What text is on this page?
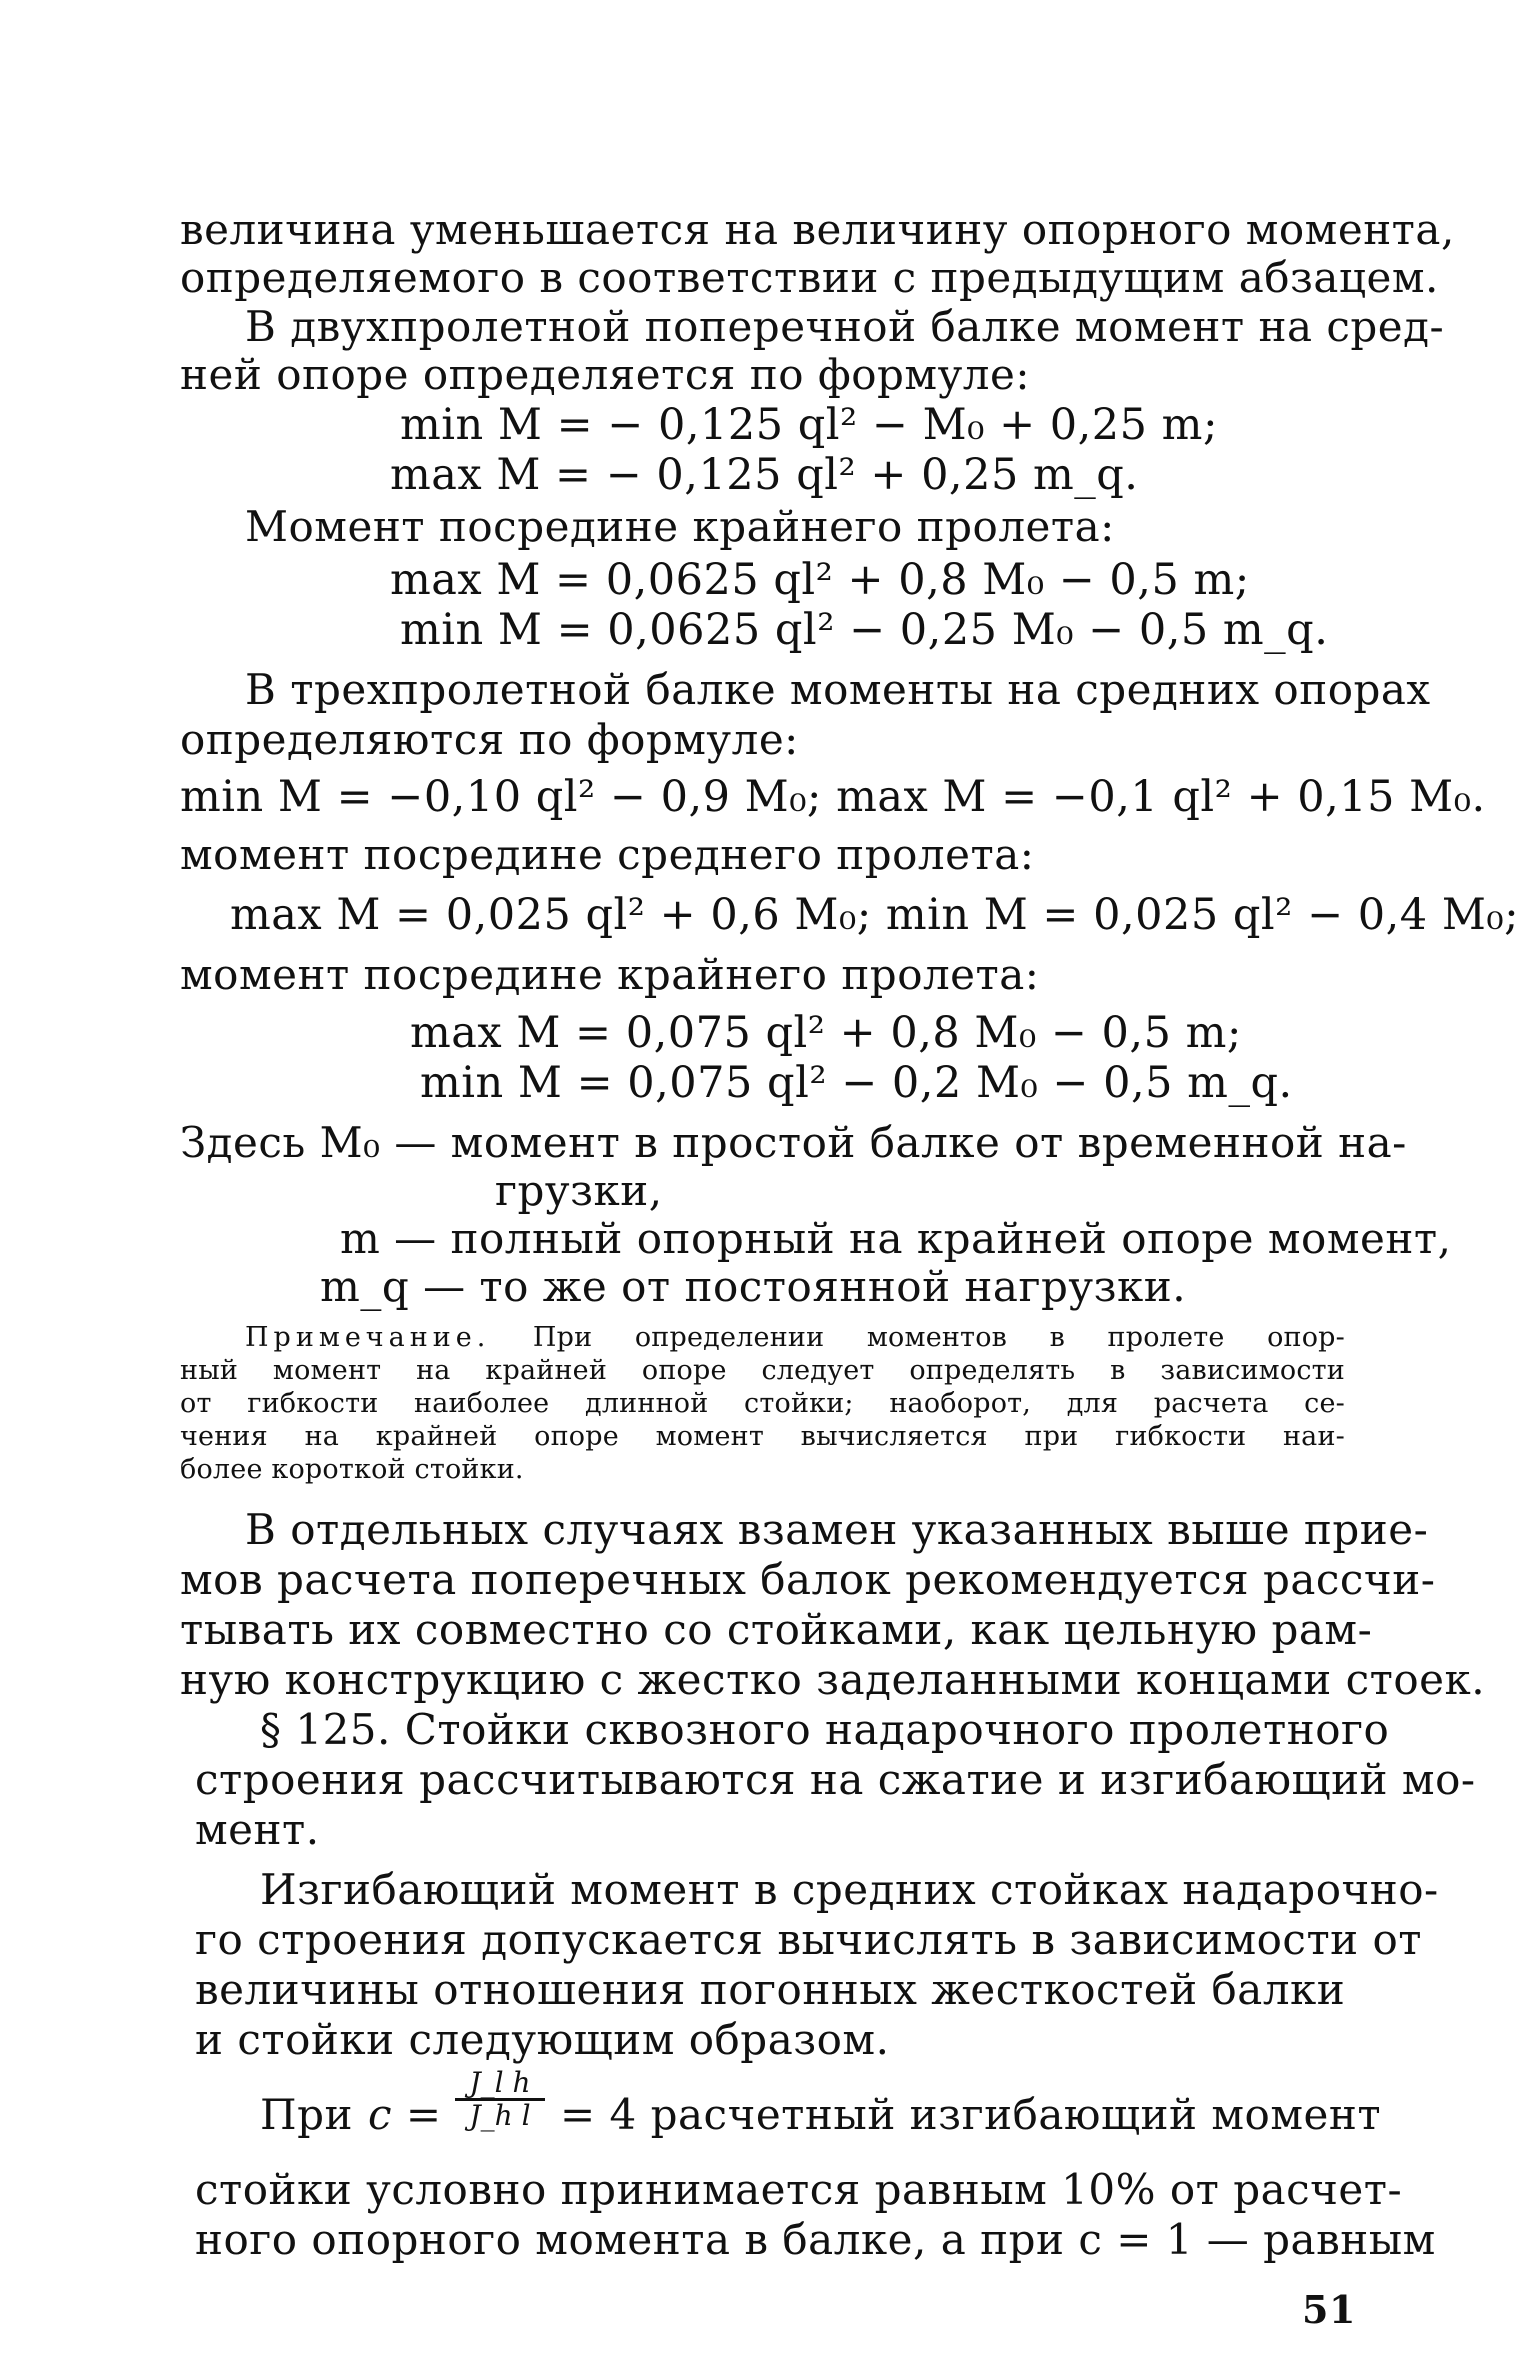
величина уменьшается на величину опорного момента,
определяемого в соответствии с предыдущим абзацем.
В двухпролетной поперечной балке момент на сред-
ней опоре определяется по формуле:
min M = − 0,125 ql² − M₀ + 0,25 m;
max M = − 0,125 ql² + 0,25 m_q.
Момент посредине крайнего пролета:
max M = 0,0625 ql² + 0,8 M₀ − 0,5 m;
min M = 0,0625 ql² − 0,25 M₀ − 0,5 m_q.
В трехпролетной балке моменты на средних опорах
определяются по формуле:
min M = −0,10 ql² − 0,9 M₀; max M = −0,1 ql² + 0,15 M₀.
момент посредине среднего пролета:
max M = 0,025 ql² + 0,6 M₀; min M = 0,025 ql² − 0,4 M₀;
момент посредине крайнего пролета:
max M = 0,075 ql² + 0,8 M₀ − 0,5 m;
min M = 0,075 ql² − 0,2 M₀ − 0,5 m_q.
Здесь M₀ — момент в простой балке от временной на-
грузки,
m — полный опорный на крайней опоре момент,
m_q — то же от постоянной нагрузки.
Примечание. При определении моментов в пролете опор-
ный момент на крайней опоре следует определять в зависимости
от гибкости наиболее длинной стойки; наоборот, для расчета се-
чения на крайней опоре момент вычисляется при гибкости наи-
более короткой стойки.
В отдельных случаях взамен указанных выше прие-
мов расчета поперечных балок рекомендуется рассчи-
тывать их совместно со стойками, как цельную рам-
ную конструкцию с жестко заделанными концами стоек.
§ 125. Стойки сквозного надарочного пролетного
строения рассчитываются на сжатие и изгибающий мо-
мент.
Изгибающий момент в средних стойках надарочно-
го строения допускается вычислять в зависимости от
величины отношения погонных жесткостей балки
и стойки следующим образом.
При $c = \frac{\text{J\_l h}}{\text{J\_h l}} = 4$ расчетный изгибающий момент
стойки условно принимается равным 10% от расчет-
ного опорного момента в балке, а при c = 1 — равным
51
